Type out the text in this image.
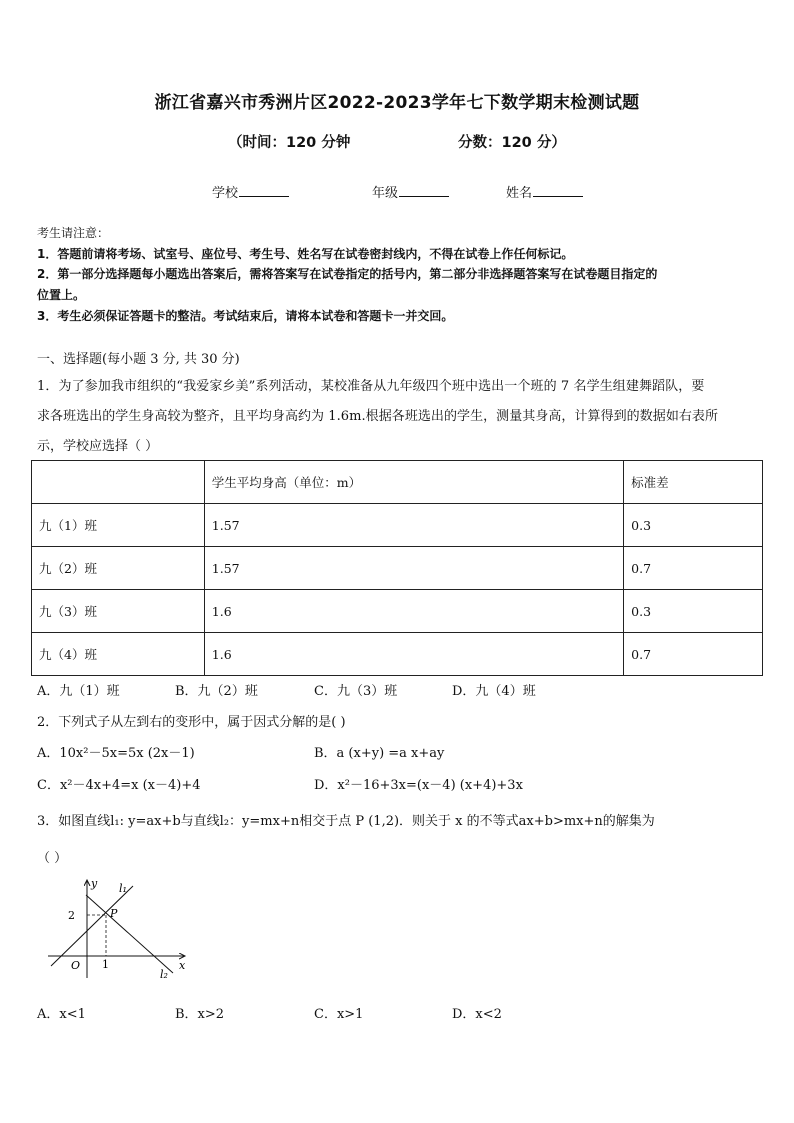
浙江省嘉兴市秀洲片区2022-2023学年七下数学期末检测试题
（时间：120 分钟	分数：120 分）
学校	年级	姓名
考生请注意：
1．答题前请将考场、试室号、座位号、考生号、姓名写在试卷密封线内，不得在试卷上作任何标记。
2．第一部分选择题每小题选出答案后，需将答案写在试卷指定的括号内，第二部分非选择题答案写在试卷题目指定的
位置上。
3．考生必须保证答题卡的整洁。考试结束后，请将本试卷和答题卡一并交回。
一、选择题(每小题 3 分, 共 30 分)
1．为了参加我市组织的“我爱家乡美”系列活动，某校准备从九年级四个班中选出一个班的 7 名学生组建舞蹈队，要
求各班选出的学生身高较为整齐，且平均身高约为 1.6m.根据各班选出的学生，测量其身高，计算得到的数据如右表所
示，学校应选择（ ）
	学生平均身高（单位：m）	标准差
九（1）班	1.57	0.3
九（2）班	1.57	0.7
九（3）班	1.6	0.3
九（4）班	1.6	0.7
A．九（1）班	B．九（2）班	C．九（3）班	D．九（4）班
2．下列式子从左到右的变形中，属于因式分解的是( )
A．10x²－5x=5x (2x－1)	B．a (x+y) =a x+ay
C．x²－4x+4=x (x－4)+4	D．x²－16+3x=(x－4) (x+4)+3x
3．如图直线l₁: y=ax+b与直线l₂：y=mx+n相交于点 P (1,2)．则关于 x 的不等式ax+b>mx+n的解集为
（ ）
y
x
O
l₁
l₂
P
1
2
A．x<1	B．x>2	C．x>1	D．x<2
